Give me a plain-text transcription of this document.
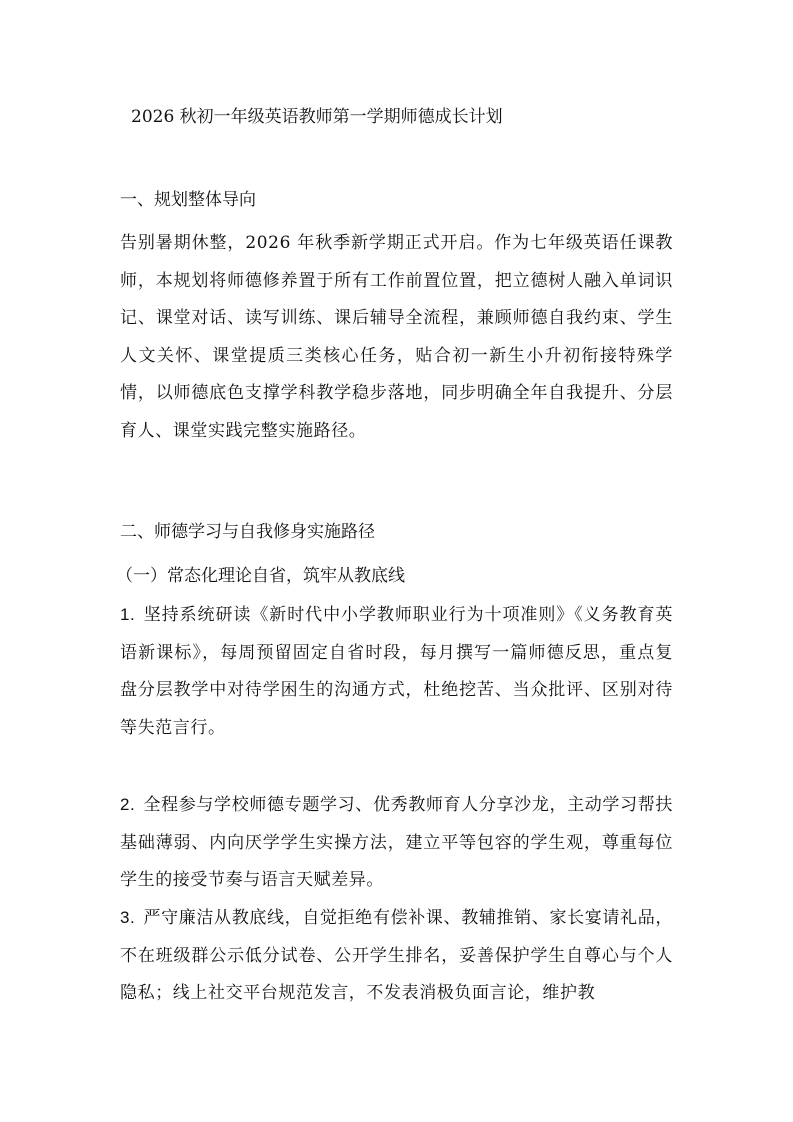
2026 秋初一年级英语教师第一学期师德成长计划
一、规划整体导向

告别暑期休整，2026 年秋季新学期正式开启。作为七年级英语任课教师，本规划将师德修养置于所有工作前置位置，把立德树人融入单词识记、课堂对话、读写训练、课后辅导全流程，兼顾师德自我约束、学生人文关怀、课堂提质三类核心任务，贴合初一新生小升初衔接特殊学情，以师德底色支撑学科教学稳步落地，同步明确全年自我提升、分层育人、课堂实践完整实施路径。

二、师德学习与自我修身实施路径
（一）常态化理论自省，筑牢从教底线

1. 坚持系统研读《新时代中小学教师职业行为十项准则》《义务教育英语新课标》，每周预留固定自省时段，每月撰写一篇师德反思，重点复盘分层教学中对待学困生的沟通方式，杜绝挖苦、当众批评、区别对待等失范言行。

2. 全程参与学校师德专题学习、优秀教师育人分享沙龙，主动学习帮扶基础薄弱、内向厌学学生实操方法，建立平等包容的学生观，尊重每位学生的接受节奏与语言天赋差异。

3. 严守廉洁从教底线，自觉拒绝有偿补课、教辅推销、家长宴请礼品，不在班级群公示低分试卷、公开学生排名，妥善保护学生自尊心与个人隐私；线上社交平台规范发言，不发表消极负面言论，维护教
